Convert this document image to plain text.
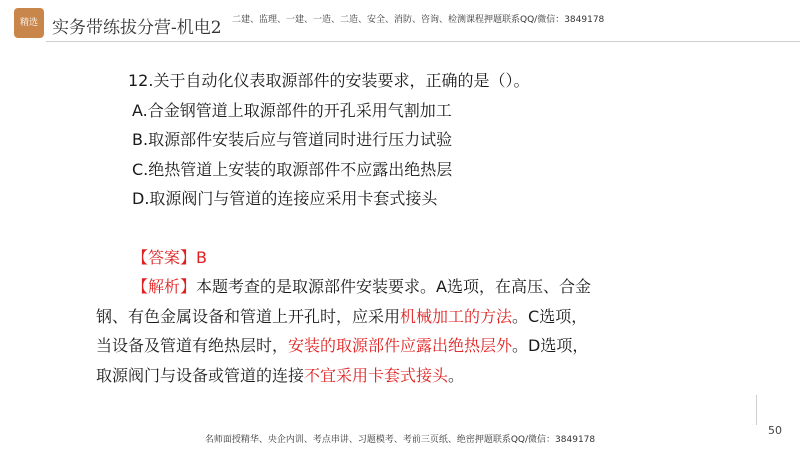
精选 实务带练拔分营-机电2 二建、监理、一建、一造、二造、安全、消防、咨询、检测课程押题联系QQ/微信：3849178
12.关于自动化仪表取源部件的安装要求，正确的是（）。
A.合金钢管道上取源部件的开孔采用气割加工
B.取源部件安装后应与管道同时进行压力试验
C.绝热管道上安装的取源部件不应露出绝热层
D.取源阀门与管道的连接应采用卡套式接头
【答案】B
【解析】本题考查的是取源部件安装要求。A选项，在高压、合金
钢、有色金属设备和管道上开孔时，应采用机械加工的方法。C选项，
当设备及管道有绝热层时，安装的取源部件应露出绝热层外。D选项，
取源阀门与设备或管道的连接不宜采用卡套式接头。
50
名师面授精华、央企内训、考点串讲、习题模考、考前三页纸、绝密押题联系QQ/微信：3849178
